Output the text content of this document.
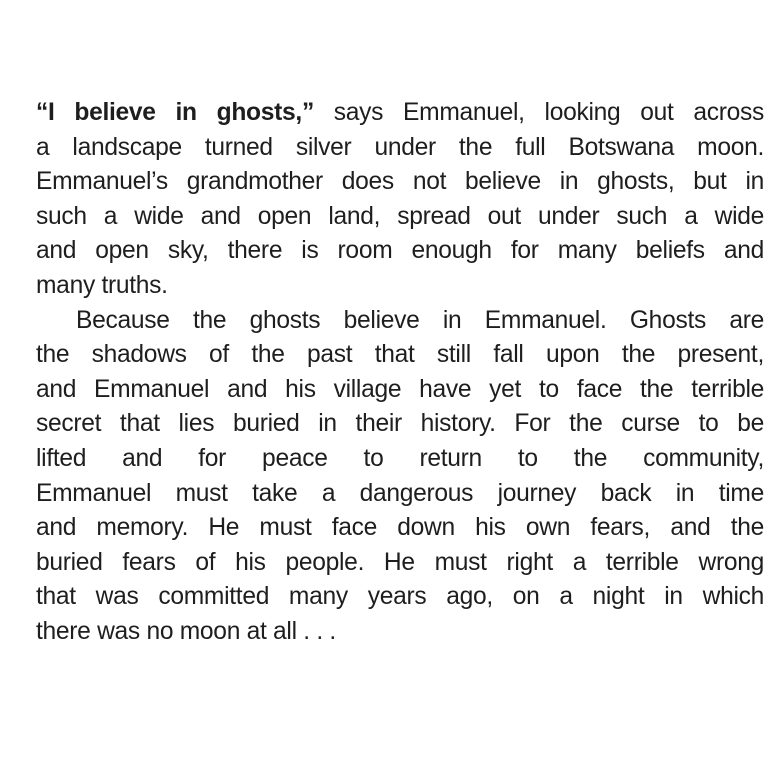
“I believe in ghosts,” says Emmanuel, looking out across
a landscape turned silver under the full Botswana moon.
Emmanuel’s grandmother does not believe in ghosts, but in
such a wide and open land, spread out under such a wide
and open sky, there is room enough for many beliefs and
many truths.

Because the ghosts believe in Emmanuel. Ghosts are
the shadows of the past that still fall upon the present,
and Emmanuel and his village have yet to face the terrible
secret that lies buried in their history. For the curse to be
lifted and for peace to return to the community,
Emmanuel must take a dangerous journey back in time
and memory. He must face down his own fears, and the
buried fears of his people. He must right a terrible wrong
that was committed many years ago, on a night in which
there was no moon at all . . .
